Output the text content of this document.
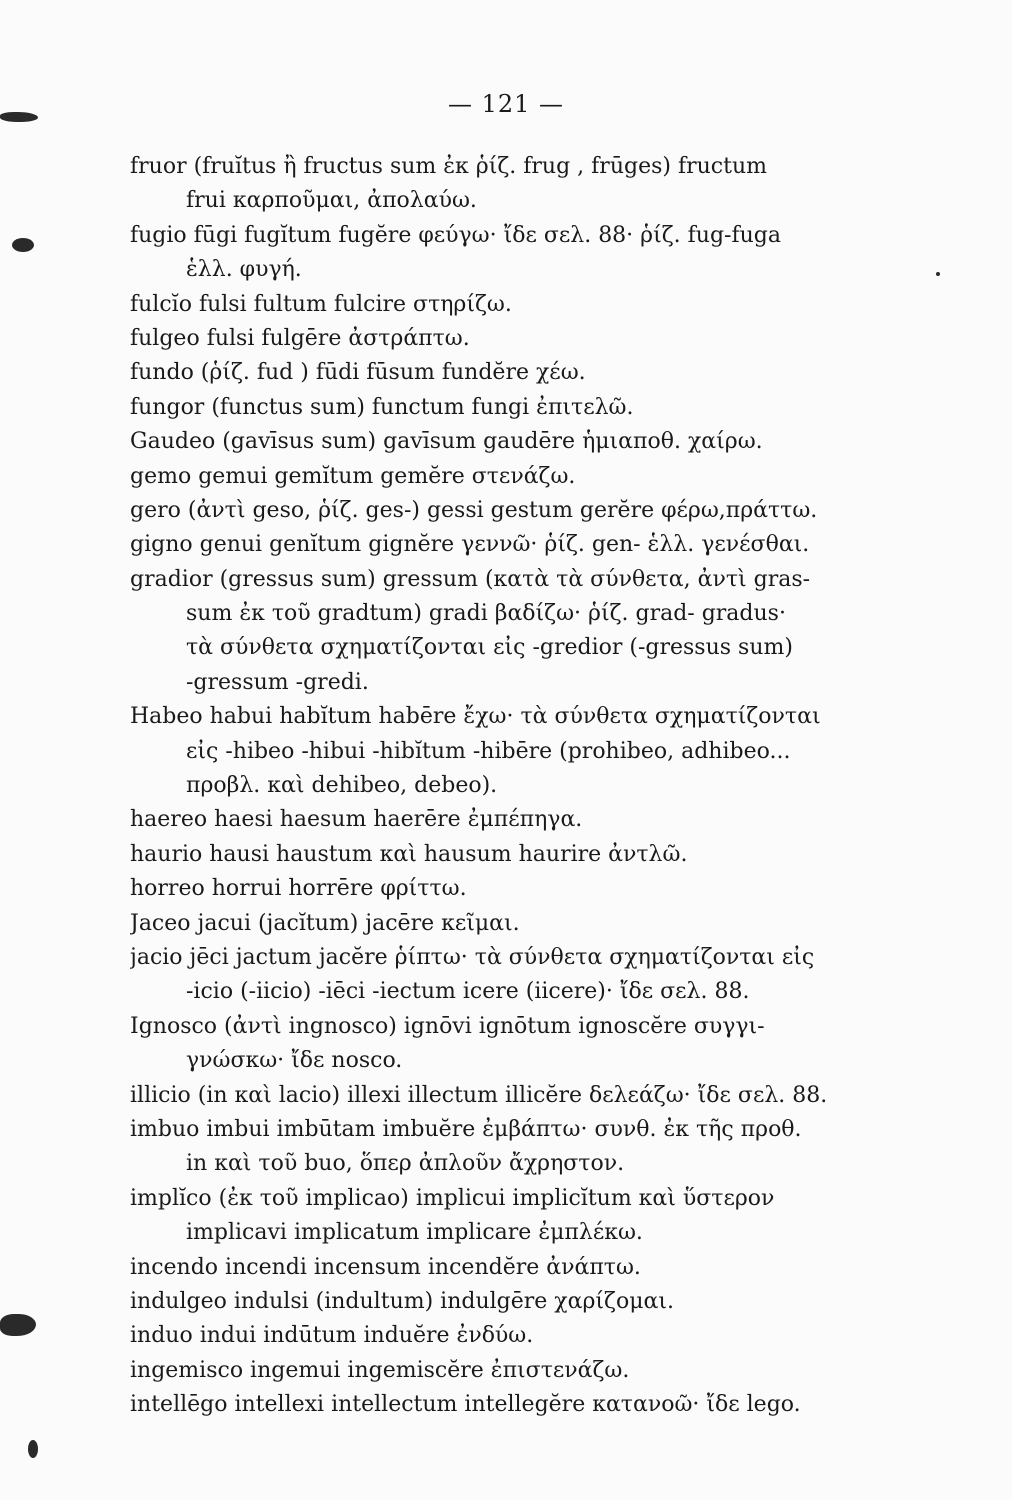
— 121 —
fruor (fruĭtus ἢ fructus sum ἐκ ῥίζ. frug , frūges) fructum
frui καρποῦμαι, ἀπολαύω.
fugio fūgi fugĭtum fugĕre φεύγω· ἴδε σελ. 88· ῥίζ. fug-fuga
ἑλλ. φυγή.
fulcĭo fulsi fultum fulcire στηρίζω.
fulgeo fulsi fulgēre ἀστράπτω.
fundo (ῥίζ. fud ) fūdi fūsum fundĕre χέω.
fungor (functus sum) functum fungi ἐπιτελῶ.
Gaudeo (gavīsus sum) gavīsum gaudēre ἡμιαποθ. χαίρω.
gemo gemui gemĭtum gemĕre στενάζω.
gero (ἀντὶ geso, ῥίζ. ges-) gessi gestum gerĕre φέρω,πράττω.
gigno genui genĭtum gignĕre γεννῶ· ῥίζ. gen- ἑλλ. γενέσθαι.
gradior (gressus sum) gressum (κατὰ τὰ σύνθετα, ἀντὶ gras-
sum ἐκ τοῦ gradtum) gradi βαδίζω· ῥίζ. grad- gradus·
τὰ σύνθετα σχηματίζονται εἰς -gredior (-gressus sum)
-gressum -gredi.
Habeo habui habĭtum habēre ἔχω· τὰ σύνθετα σχηματίζονται
εἰς -hibeo -hibui -hibĭtum -hibēre (prohibeo, adhibeo...
προβλ. καὶ dehibeo, debeo).
haereo haesi haesum haerēre ἐμπέπηγα.
haurio hausi haustum καὶ hausum haurire ἀντλῶ.
horreo horrui horrēre φρίττω.
Jaceo jacui (jacĭtum) jacēre κεῖμαι.
jacio jēci jactum jacĕre ῥίπτω· τὰ σύνθετα σχηματίζονται εἰς
-icio (-iicio) -iēci -iectum icere (iicere)· ἴδε σελ. 88.
Ignosco (ἀντὶ ingnosco) ignōvi ignōtum ignoscĕre συγγι-
γνώσκω· ἴδε nosco.
illicio (in καὶ lacio) illexi illectum illicĕre δελεάζω· ἴδε σελ. 88.
imbuo imbui imbūtam imbuĕre ἐμβάπτω· συνθ. ἐκ τῆς προθ.
in καὶ τοῦ buo, ὅπερ ἀπλοῦν ἄχρηστον.
implĭco (ἐκ τοῦ implicao) implicui implicĭtum καὶ ὕστερον
implicavi implicatum implicare ἐμπλέκω.
incendo incendi incensum incendĕre ἀνάπτω.
indulgeo indulsi (indultum) indulgēre χαρίζομαι.
induo indui indūtum induĕre ἐνδύω.
ingemisco ingemui ingemiscĕre ἐπιστενάζω.
intellēgo intellexi intellectum intellegĕre κατανοῶ· ἴδε lego.
